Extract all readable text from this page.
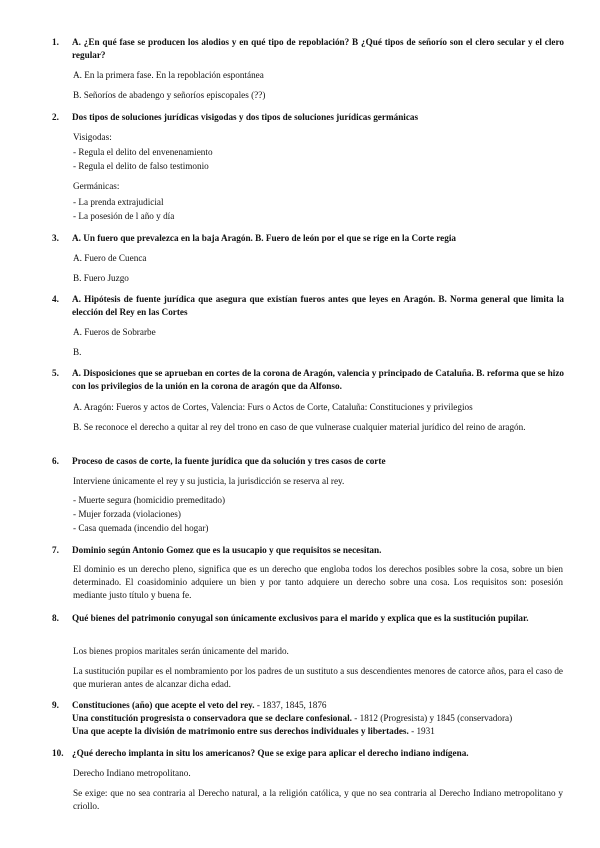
1. A. ¿En qué fase se producen los alodios y en qué tipo de repoblación? B ¿Qué tipos de señorío son el clero secular y el clero regular?
A. En la primera fase. En la repoblación espontánea
B. Señoríos de abadengo y señoríos episcopales (??)
2. Dos tipos de soluciones jurídicas visigodas y dos tipos de soluciones jurídicas germánicas
Visigodas:
- Regula el delito del envenenamiento
- Regula el delito de falso testimonio
Germánicas:
- La prenda extrajudicial
- La posesión de l año y día
3. A. Un fuero que prevalezca en la baja Aragón. B. Fuero de león por el que se rige en la Corte regia
A. Fuero de Cuenca
B. Fuero Juzgo
4. A. Hipótesis de fuente jurídica que asegura que existían fueros antes que leyes en Aragón. B. Norma general que limita la elección del Rey en las Cortes
A. Fueros de Sobrarbe
B.
5. A. Disposiciones que se aprueban en cortes de la corona de Aragón, valencia y principado de Cataluña. B. reforma que se hizo con los privilegios de la unión en la corona de aragón que da Alfonso.
A. Aragón: Fueros y actos de Cortes, Valencia: Furs o Actos de Corte, Cataluña: Constituciones y privilegios
B. Se reconoce el derecho a quitar al rey del trono en caso de que vulnerase cualquier material jurídico del reino de aragón.
6. Proceso de casos de corte, la fuente jurídica que da solución y tres casos de corte
Interviene únicamente el rey y su justicia, la jurisdicción se reserva al rey.
- Muerte segura (homicidio premeditado)
- Mujer forzada (violaciones)
- Casa quemada (incendio del hogar)
7. Dominio según Antonio Gomez que es la usucapio y que requisitos se necesitan.
El dominio es un derecho pleno, significa que es un derecho que engloba todos los derechos posibles sobre la cosa, sobre un bien determinado. El coasidominio adquiere un bien y por tanto adquiere un derecho sobre una cosa. Los requisitos son: posesión mediante justo título y buena fe.
8. Qué bienes del patrimonio conyugal son únicamente exclusivos para el marido y explica que es la sustitución pupilar.
Los bienes propios maritales serán únicamente del marido.
La sustitución pupilar es el nombramiento por los padres de un sustituto a sus descendientes menores de catorce años, para el caso de que murieran antes de alcanzar dicha edad.
9. Constituciones (año) que acepte el veto del rey. - 1837, 1845, 1876
Una constitución progresista o conservadora que se declare confesional. - 1812 (Progresista) y 1845 (conservadora)
Una que acepte la división de matrimonio entre sus derechos individuales y libertades. - 1931
10. ¿Qué derecho implanta in situ los americanos? Que se exige para aplicar el derecho indiano indígena.
Derecho Indiano metropolitano.
Se exige: que no sea contraria al Derecho natural, a la religión católica, y que no sea contraria al Derecho Indiano metropolitano y criollo.
